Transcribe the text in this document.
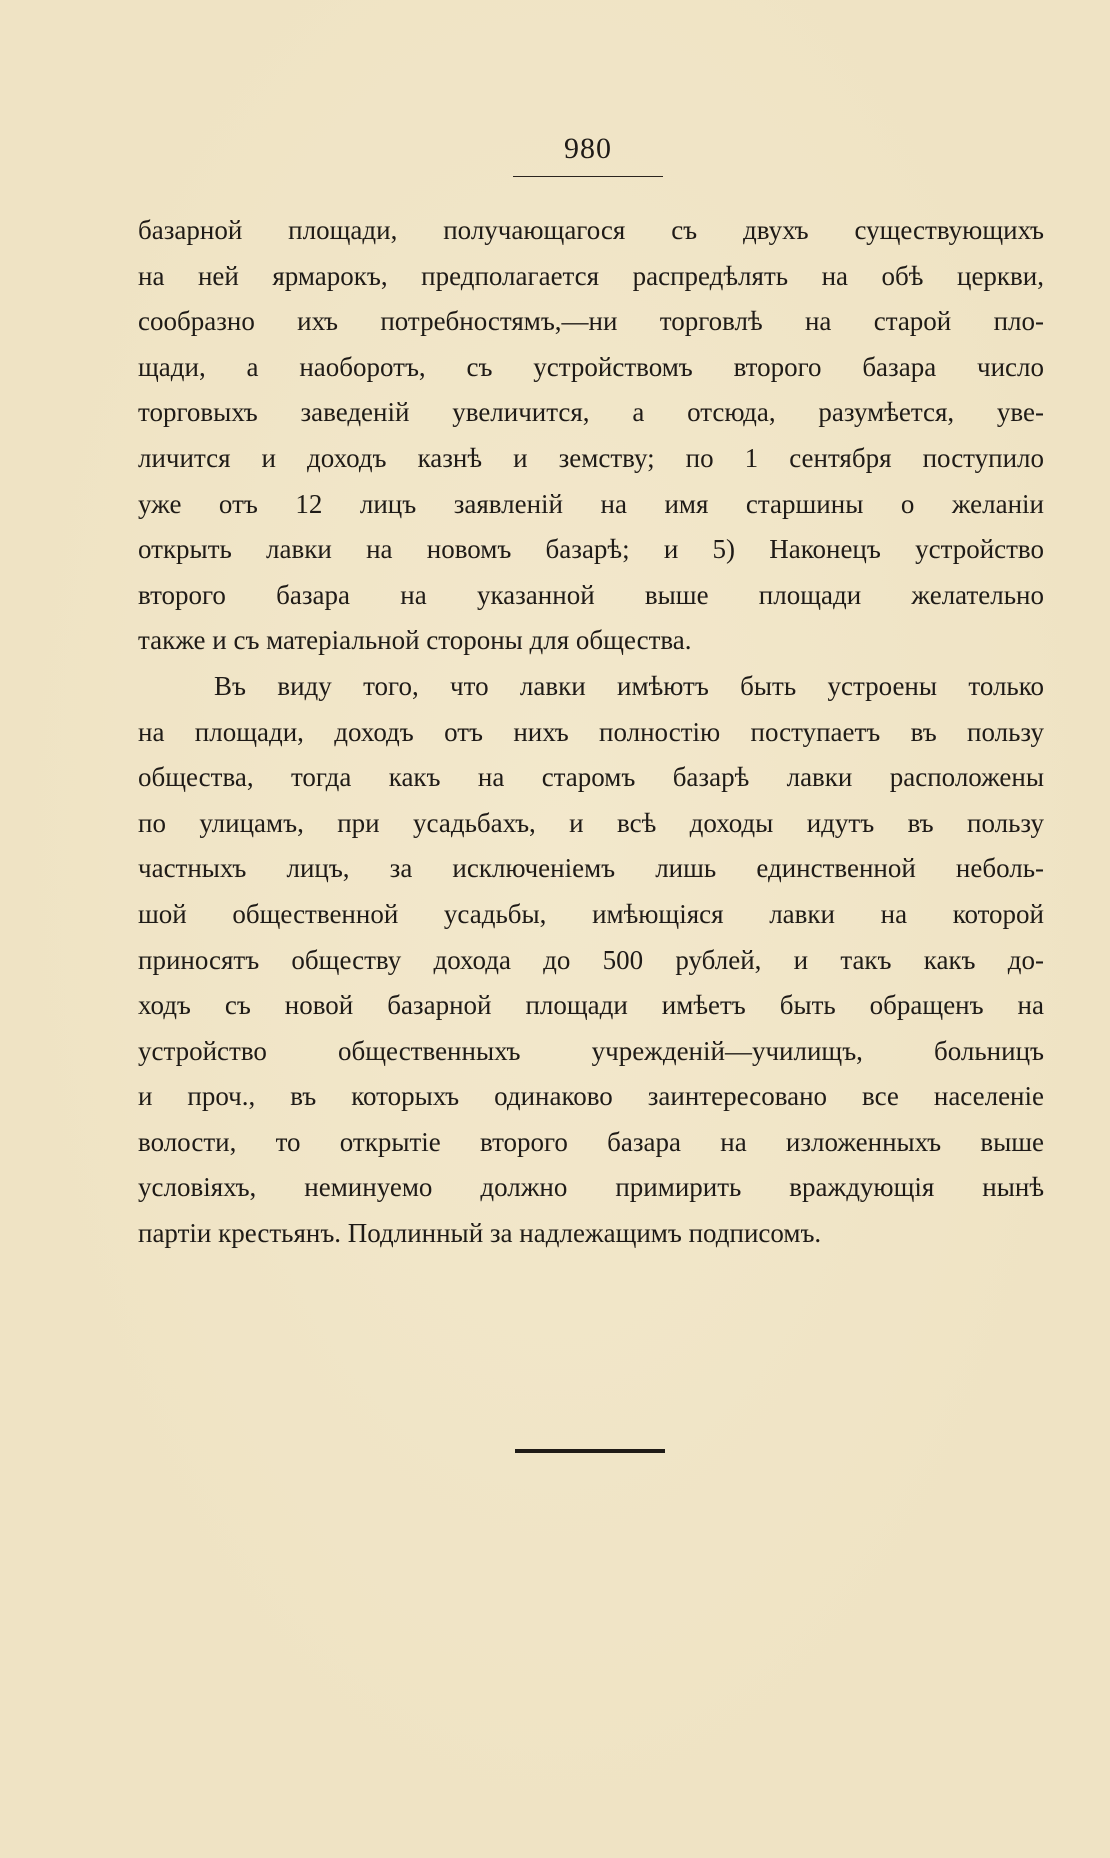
980
базарной площади, получающагося съ двухъ существующихъ
на ней ярмарокъ, предполагается распредѣлять на обѣ церкви,
сообразно ихъ потребностямъ,—ни торговлѣ на старой пло-
щади, а наоборотъ, съ устройствомъ второго базара число
торговыхъ заведеній увеличится, а отсюда, разумѣется, уве-
личится и доходъ казнѣ и земству; по 1 сентября поступило
уже отъ 12 лицъ заявленій на имя старшины о желаніи
открыть лавки на новомъ базарѣ; и 5) Наконецъ устройство
второго базара на указанной выше площади желательно
также и съ матеріальной стороны для общества.
Въ виду того, что лавки имѣютъ быть устроены только
на площади, доходъ отъ нихъ полностію поступаетъ въ пользу
общества, тогда какъ на старомъ базарѣ лавки расположены
по улицамъ, при усадьбахъ, и всѣ доходы идутъ въ пользу
частныхъ лицъ, за исключеніемъ лишь единственной неболь-
шой общественной усадьбы, имѣющіяся лавки на которой
приносятъ обществу дохода до 500 рублей, и такъ какъ до-
ходъ съ новой базарной площади имѣетъ быть обращенъ на
устройство общественныхъ учрежденій—училищъ, больницъ
и проч., въ которыхъ одинаково заинтересовано все населеніе
волости, то открытіе второго базара на изложенныхъ выше
условіяхъ, неминуемо должно примирить враждующія нынѣ
партіи крестьянъ. Подлинный за надлежащимъ подписомъ.
